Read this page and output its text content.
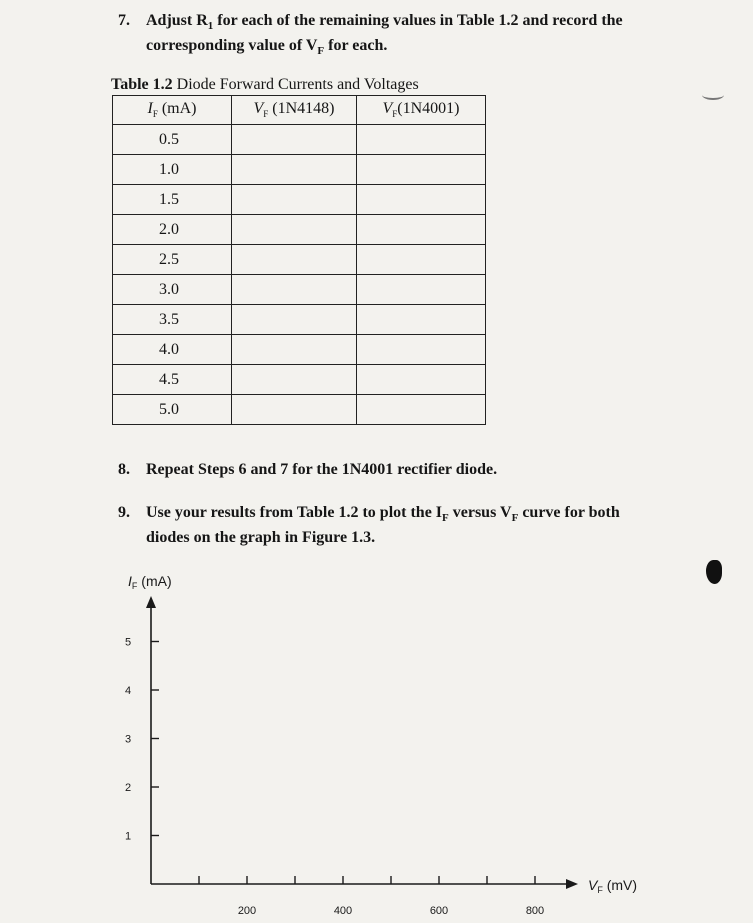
7. Adjust $R_1$ for each of the remaining values in Table 1.2 and record the
corresponding value of $V_F$ for each.
Table 1.2 Diode Forward Currents and Voltages
$I_F$ (mA)	$V_F$ (1N4148)	$V_F(1N4001)$
0.5		
1.0		
1.5		
2.0		
2.5		
3.0		
3.5		
4.0		
4.5		
5.0		
8. Repeat Steps 6 and 7 for the 1N4001 rectifier diode.
9. Use your results from Table 1.2 to plot the $I_F$ versus $V_F$ curve for both
diodes on the graph in Figure 1.3.
$I_F$ (mA)
$V_F$ (mV)
200	400	600	800
5
4
3
2
1
